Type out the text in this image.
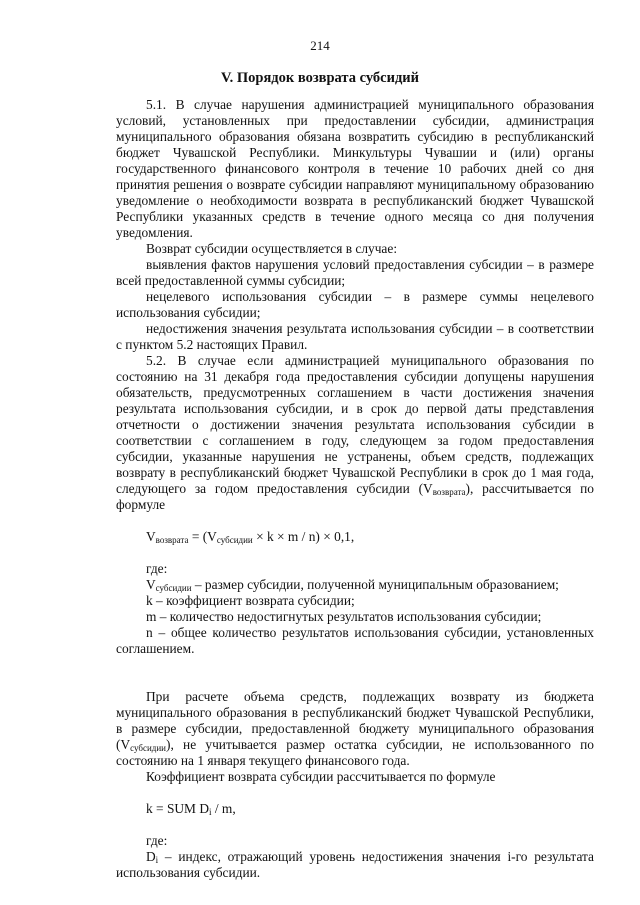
214
V. Порядок возврата субсидий

5.1. В случае нарушения администрацией муниципального образования условий, установленных при предоставлении субсидии, администрация муниципального образования обязана возвратить субсидию в республиканский бюджет Чувашской Республики. Минкультуры Чувашии и (или) органы государственного финансового контроля в течение 10 рабочих дней со дня принятия решения о возврате субсидии направляют муниципальному образованию уведомление о необходимости возврата в республиканский бюджет Чувашской Республики указанных средств в течение одного месяца со дня получения уведомления.

Возврат субсидии осуществляется в случае:

выявления фактов нарушения условий предоставления субсидии – в размере всей предоставленной суммы субсидии;

нецелевого использования субсидии – в размере суммы нецелевого использования субсидии;

недостижения значения результата использования субсидии – в соответствии с пунктом 5.2 настоящих Правил.

5.2. В случае если администрацией муниципального образования по состоянию на 31 декабря года предоставления субсидии допущены нарушения обязательств, предусмотренных соглашением в части достижения значения результата использования субсидии, и в срок до первой даты представления отчетности о достижении значения результата использования субсидии в соответствии с соглашением в году, следующем за годом предоставления субсидии, указанные нарушения не устранены, объем средств, подлежащих возврату в республиканский бюджет Чувашской Республики в срок до 1 мая года, следующего за годом предоставления субсидии $(V_{возврата})$, рассчитывается по формуле

$V_{возврата} = (V_{субсидии} \times k \times m / n) \times 0,1$,

где:

$V_{субсидии}$ – размер субсидии, полученной муниципальным образованием;

k – коэффициент возврата субсидии;

m – количество недостигнутых результатов использования субсидии;

n – общее количество результатов использования субсидии, установленных соглашением.

При расчете объема средств, подлежащих возврату из бюджета муниципального образования в республиканский бюджет Чувашской Республики, в размере субсидии, предоставленной бюджету муниципального образования $(V_{субсидии})$, не учитывается размер остатка субсидии, не использованного по состоянию на 1 января текущего финансового года.

Коэффициент возврата субсидии рассчитывается по формуле

k = SUM $D_i$ / m,

где:

$D_i$ – индекс, отражающий уровень недостижения значения i-го результата использования субсидии.
